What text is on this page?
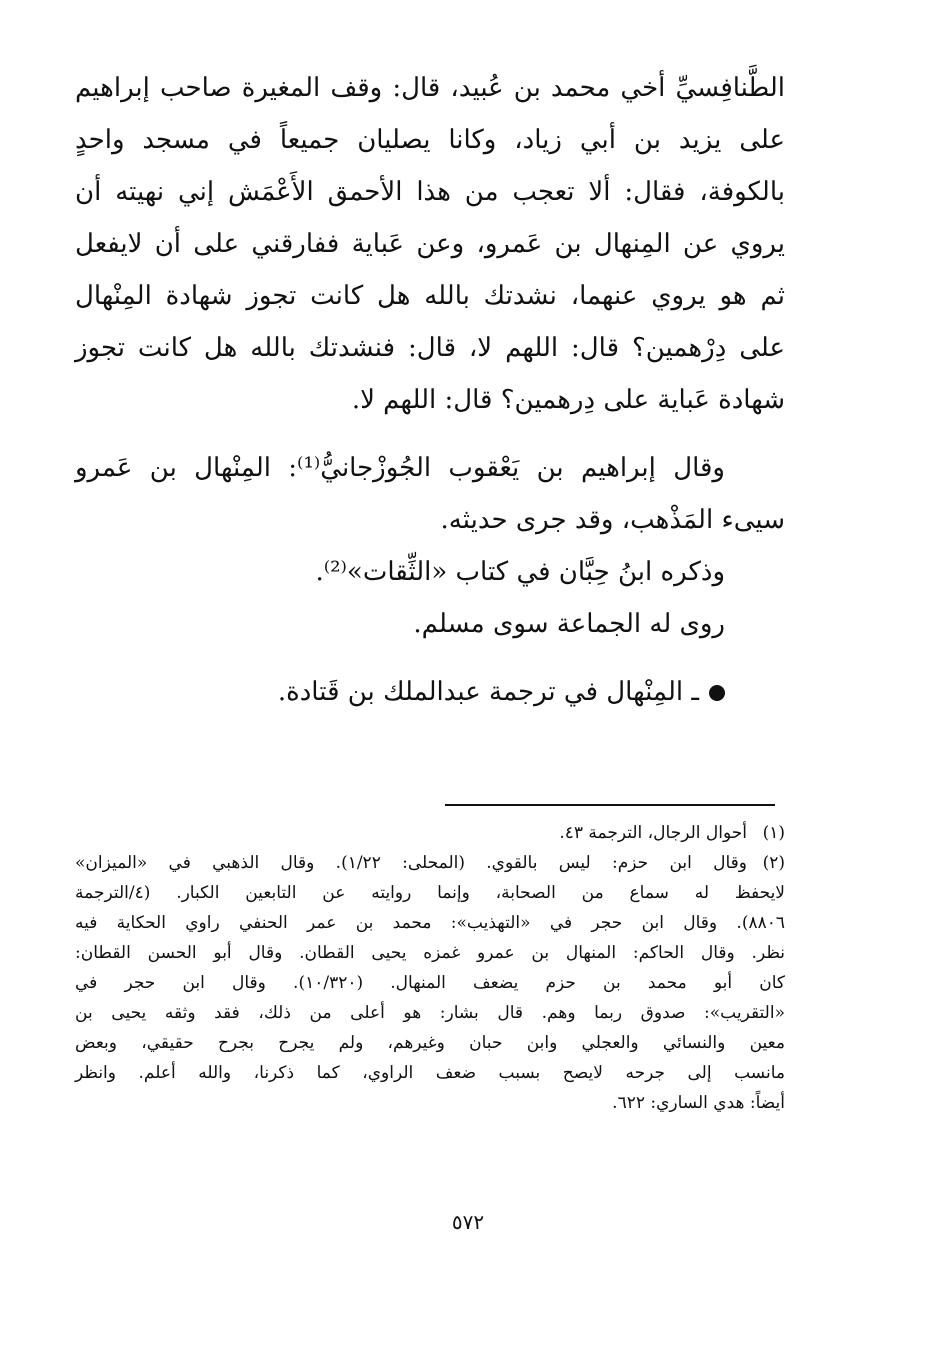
الطَّنافِسيِّ أخي محمد بن عُبيد، قال: وقف المغيرة صاحب إبراهيم
على يزيد بن أبي زياد، وكانا يصليان جميعاً في مسجد واحدٍ
بالكوفة، فقال: ألا تعجب من هذا الأحمق الأَعْمَش إني نهيته أن
يروي عن المِنهال بن عَمرو، وعن عَباية ففارقني على أن لايفعل
ثم هو يروي عنهما، نشدتك بالله هل كانت تجوز شهادة المِنْهال
على دِرْهمين؟ قال: اللهم لا، قال: فنشدتك بالله هل كانت تجوز
شهادة عَباية على دِرهمين؟ قال: اللهم لا.
وقال إبراهيم بن يَعْقوب الجُوزْجانيُّ⁽¹⁾: المِنْهال بن عَمرو
سيىء المَذْهب، وقد جرى حديثه.
وذكره ابنُ حِبَّان في كتاب «الثِّقات»⁽²⁾.
روى له الجماعة سوى مسلم.
ـ المِنْهال في ترجمة عبدالملك بن قَتادة.
(١)أحوال الرجال، الترجمة ٤٣.
(٢)
وقال ابن حزم: ليس بالقوي. (المحلى: ١/٢٢). وقال الذهبي في «الميزان»
لايحفظ له سماع من الصحابة، وإنما روايته عن التابعين الكبار. (٤/الترجمة
٨٨٠٦). وقال ابن حجر في «التهذيب»: محمد بن عمر الحنفي راوي الحكاية فيه
نظر. وقال الحاكم: المنهال بن عمرو غمزه يحيى القطان. وقال أبو الحسن القطان:
كان أبو محمد بن حزم يضعف المنهال. (١٠/٣٢٠). وقال ابن حجر في
«التقريب»: صدوق ربما وهم. قال بشار: هو أعلى من ذلك، فقد وثقه يحيى بن
معين والنسائي والعجلي وابن حبان وغيرهم، ولم يجرح بجرح حقيقي، وبعض
مانسب إلى جرحه لايصح بسبب ضعف الراوي، كما ذكرنا، والله أعلم. وانظر
أيضاً: هدي الساري: ٦٢٢.
٥٧٢
